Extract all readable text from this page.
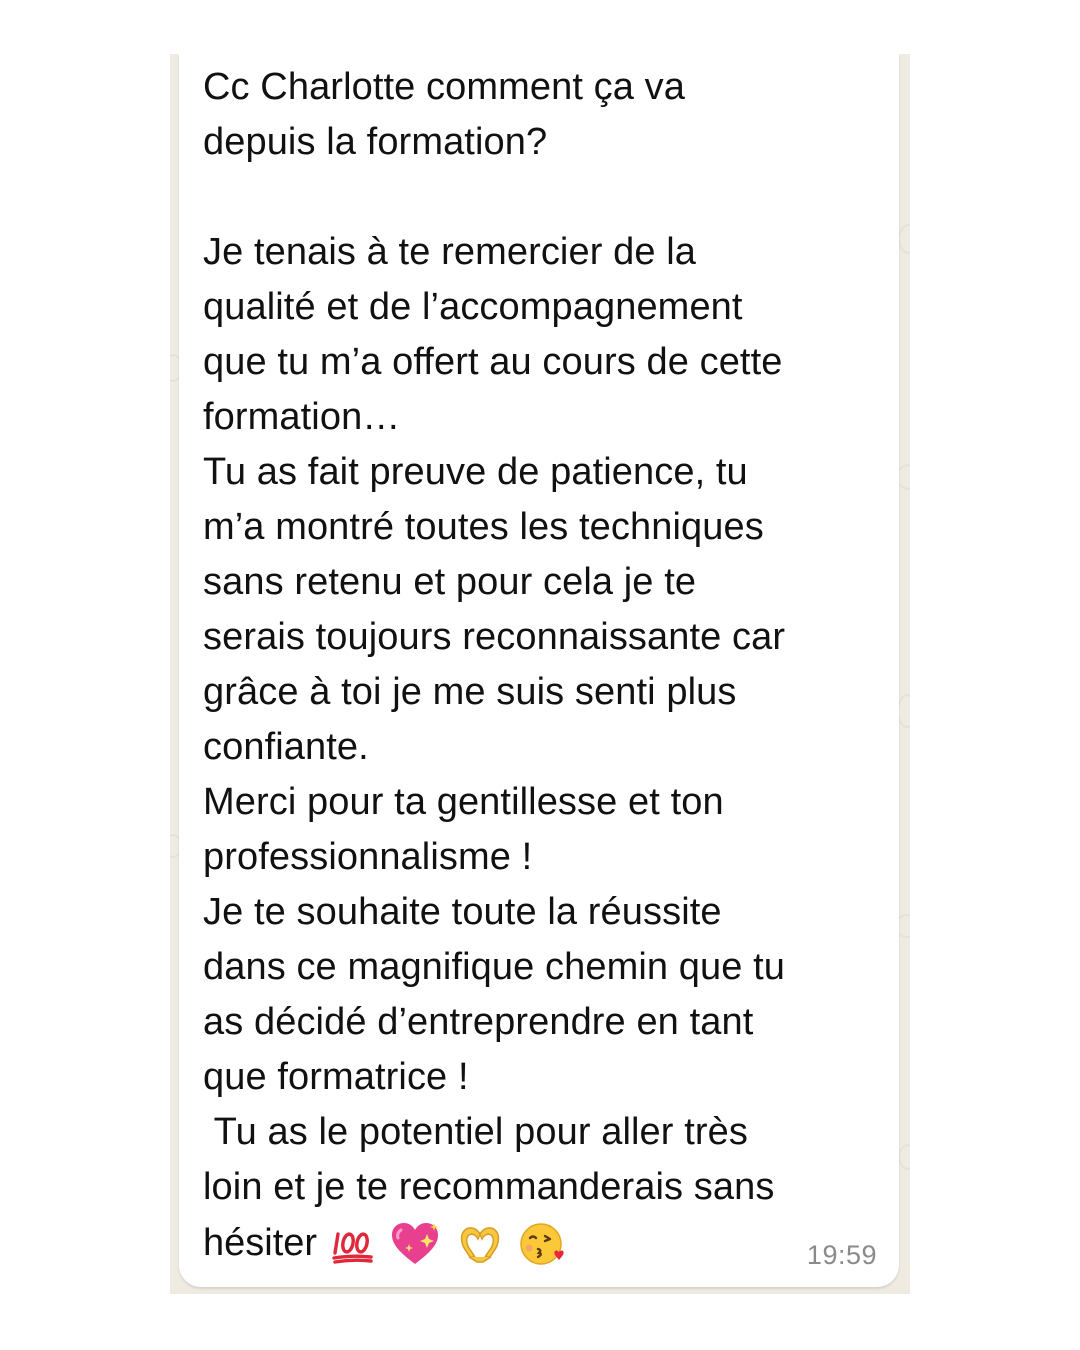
Cc Charlotte comment ça va
depuis la formation?

Je tenais à te remercier de la
qualité et de l’accompagnement
que tu m’a offert au cours de cette
formation…
Tu as fait preuve de patience, tu
m’a montré toutes les techniques
sans retenu et pour cela je te
serais toujours reconnaissante car
grâce à toi je me suis senti plus
confiante.
Merci pour ta gentillesse et ton
professionnalisme !
Je te souhaite toute la réussite
dans ce magnifique chemin que tu
as décidé d’entreprendre en tant
que formatrice !
Tu as le potentiel pour aller très
loin et je te recommanderais sans

hésiter	19:59
